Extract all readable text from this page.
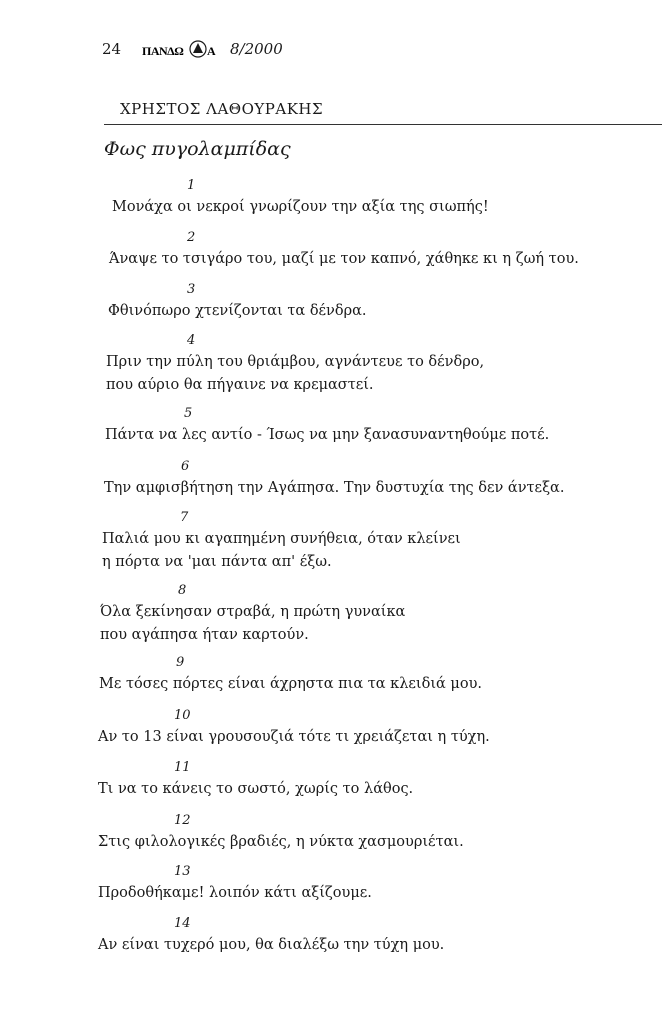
24 ΠΑΝΔΩ Α 8/2000
ΧΡΗΣΤΟΣ ΛΑΘΟΥΡΑΚΗΣ
Φως πυγολαμπίδας
1
Μονάχα οι νεκροί γνωρίζουν την αξία της σιωπής!
2
Άναψε το τσιγάρο του, μαζί με τον καπνό, χάθηκε κι η ζωή του.
3
Φθινόπωρο χτενίζονται τα δένδρα.
4
Πριν την πύλη του θριάμβου, αγνάντευε το δένδρο,
που αύριο θα πήγαινε να κρεμαστεί.
5
Πάντα να λες αντίο - Ίσως να μην ξανασυναντηθούμε ποτέ.
6
Την αμφισβήτηση την Αγάπησα. Την δυστυχία της δεν άντεξα.
7
Παλιά μου κι αγαπημένη συνήθεια, όταν κλείνει
η πόρτα να 'μαι πάντα απ' έξω.
8
Όλα ξεκίνησαν στραβά, η πρώτη γυναίκα
που αγάπησα ήταν καρτούν.
9
Με τόσες πόρτες είναι άχρηστα πια τα κλειδιά μου.
10
Αν το 13 είναι γρουσουζιά τότε τι χρειάζεται η τύχη.
11
Τι να το κάνεις το σωστό, χωρίς το λάθος.
12
Στις φιλολογικές βραδιές, η νύκτα χασμουριέται.
13
Προδοθήκαμε! λοιπόν κάτι αξίζουμε.
14
Αν είναι τυχερό μου, θα διαλέξω την τύχη μου.
